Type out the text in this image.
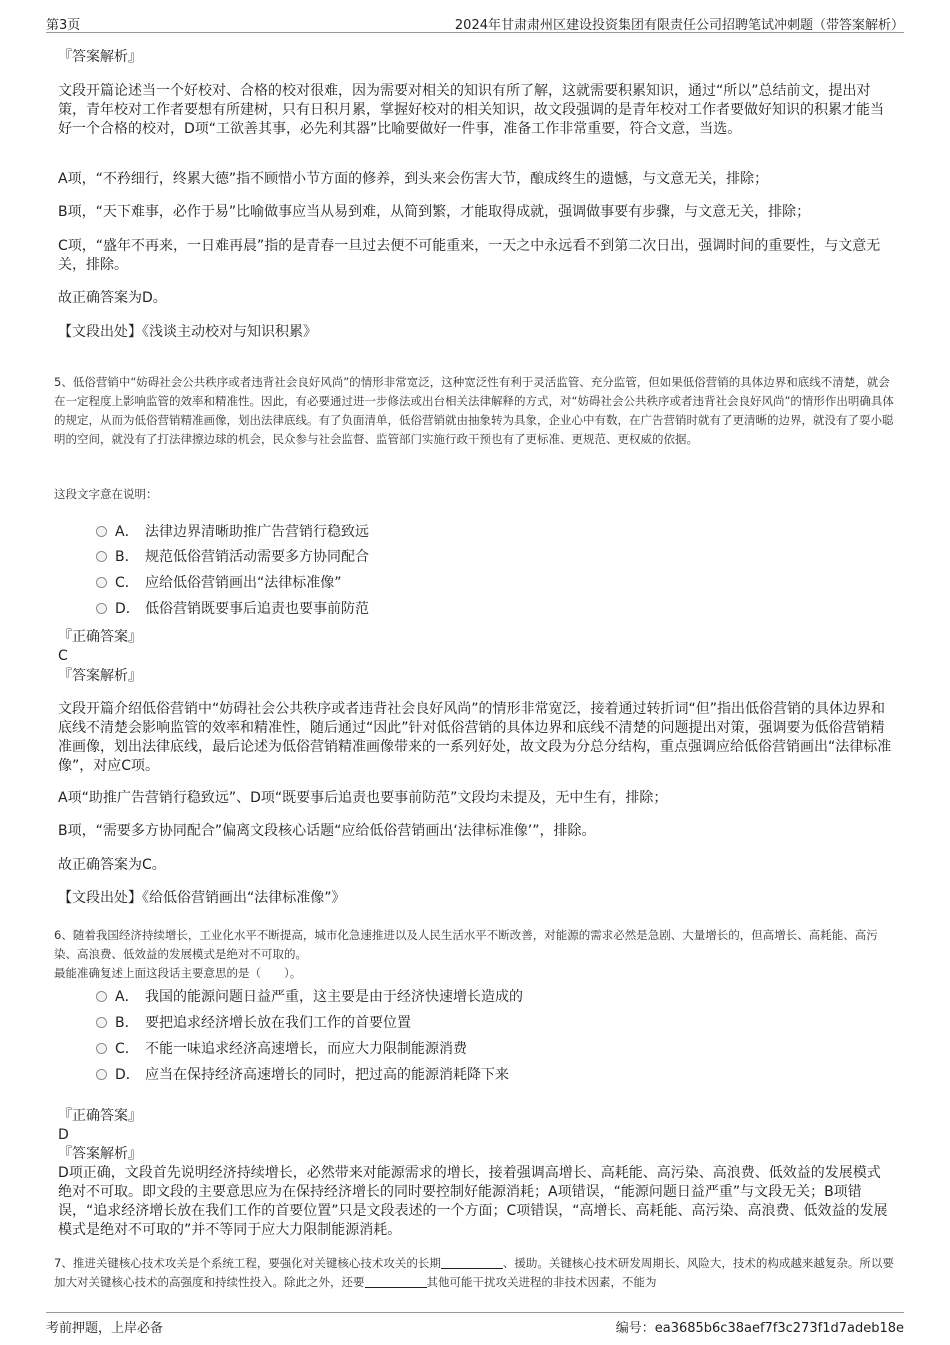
第3页	2024年甘肃肃州区建设投资集团有限责任公司招聘笔试冲刺题（带答案解析）
『答案解析』

文段开篇论述当一个好校对、合格的校对很难，因为需要对相关的知识有所了解，这就需要积累知识，通过“所以”总结前文，提出对策，青年校对工作者要想有所建树，只有日积月累，掌握好校对的相关知识，故文段强调的是青年校对工作者要做好知识的积累才能当好一个合格的校对，D项“工欲善其事，必先利其器”比喻要做好一件事，准备工作非常重要，符合文意，当选。

A项，“不矜细行，终累大德”指不顾惜小节方面的修养，到头来会伤害大节，酿成终生的遗憾，与文意无关，排除；

B项，“天下难事，必作于易”比喻做事应当从易到难，从简到繁，才能取得成就，强调做事要有步骤，与文意无关，排除；

C项，“盛年不再来，一日难再晨”指的是青春一旦过去便不可能重来，一天之中永远看不到第二次日出，强调时间的重要性，与文意无关，排除。

故正确答案为D。

【文段出处】《浅谈主动校对与知识积累》

5、低俗营销中“妨碍社会公共秩序或者违背社会良好风尚”的情形非常宽泛，这种宽泛性有利于灵活监管、充分监管，但如果低俗营销的具体边界和底线不清楚，就会在一定程度上影响监管的效率和精准性。因此，有必要通过进一步修法或出台相关法律解释的方式，对“妨碍社会公共秩序或者违背社会良好风尚”的情形作出明确具体的规定，从而为低俗营销精准画像，划出法律底线。有了负面清单，低俗营销就由抽象转为具象，企业心中有数，在广告营销时就有了更清晰的边界，就没有了耍小聪明的空间，就没有了打法律擦边球的机会，民众参与社会监督、监管部门实施行政干预也有了更标准、更规范、更权威的依据。

这段文字意在说明：

A． 法律边界清晰助推广告营销行稳致远
B． 规范低俗营销活动需要多方协同配合
C． 应给低俗营销画出“法律标准像”
D． 低俗营销既要事后追责也要事前防范
『正确答案』
C
『答案解析』

文段开篇介绍低俗营销中“妨碍社会公共秩序或者违背社会良好风尚”的情形非常宽泛，接着通过转折词“但”指出低俗营销的具体边界和底线不清楚会影响监管的效率和精准性，随后通过“因此”针对低俗营销的具体边界和底线不清楚的问题提出对策，强调要为低俗营销精准画像，划出法律底线，最后论述为低俗营销精准画像带来的一系列好处，故文段为分总分结构，重点强调应给低俗营销画出“法律标准像”，对应C项。

A项“助推广告营销行稳致远”、D项“既要事后追责也要事前防范”文段均未提及，无中生有，排除；

B项，“需要多方协同配合”偏离文段核心话题“应给低俗营销画出‘法律标准像’”，排除。

故正确答案为C。

【文段出处】《给低俗营销画出“法律标准像”》

6、随着我国经济持续增长，工业化水平不断提高，城市化急速推进以及人民生活水平不断改善，对能源的需求必然是急剧、大量增长的，但高增长、高耗能、高污染、高浪费、低效益的发展模式是绝对不可取的。

最能准确复述上面这段话主要意思的是（　　）。

A． 我国的能源问题日益严重，这主要是由于经济快速增长造成的
B． 要把追求经济增长放在我们工作的首要位置
C． 不能一味追求经济高速增长，而应大力限制能源消费
D． 应当在保持经济高速增长的同时，把过高的能源消耗降下来
『正确答案』
D
『答案解析』

D项正确，文段首先说明经济持续增长，必然带来对能源需求的增长，接着强调高增长、高耗能、高污染、高浪费、低效益的发展模式绝对不可取。即文段的主要意思应为在保持经济增长的同时要控制好能源消耗；A项错误，“能源问题日益严重”与文段无关；B项错误，“追求经济增长放在我们工作的首要位置”只是文段表述的一个方面；C项错误，“高增长、高耗能、高污染、高浪费、低效益的发展模式是绝对不可取的”并不等同于应大力限制能源消耗。

7、推进关键核心技术攻关是个系统工程，要强化对关键核心技术攻关的长期	、援助。关键核心技术研发周期长、风险大，技术的构成越来越复杂。所以要加大对关键核心技术的高强度和持续性投入。除此之外，还要	其他可能干扰攻关进程的非技术因素，不能为

考前押题，上岸必备	编号：ea3685b6c38aef7f3c273f1d7adeb18e
